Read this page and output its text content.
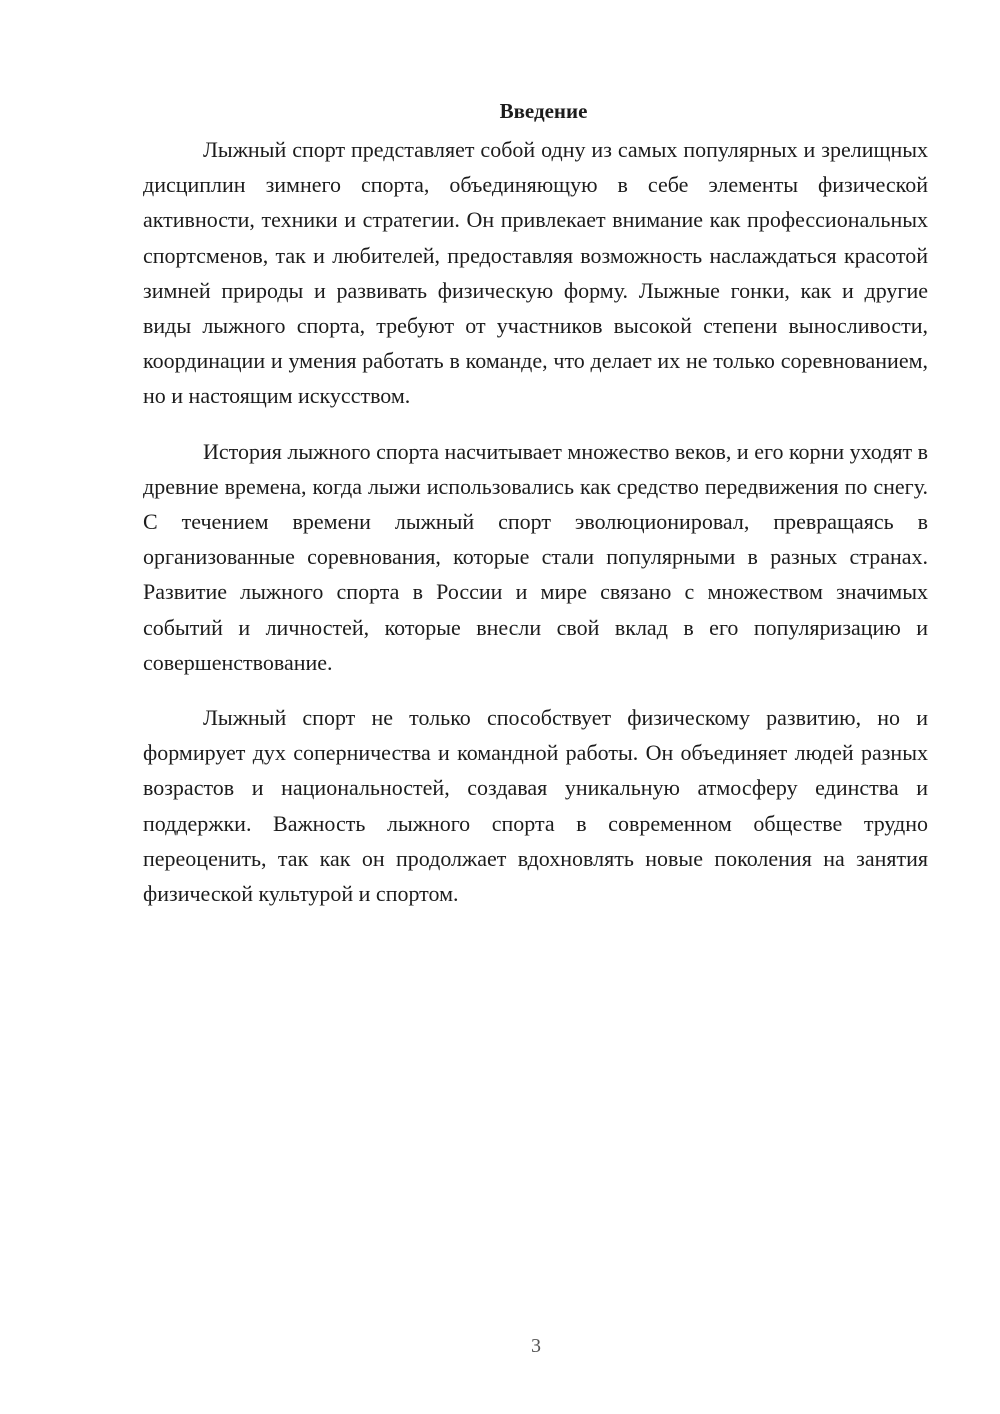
Введение

Лыжный спорт представляет собой одну из самых популярных и зрелищных дисциплин зимнего спорта, объединяющую в себе элементы физической активности, техники и стратегии. Он привлекает внимание как профессиональных спортсменов, так и любителей, предоставляя возможность наслаждаться красотой зимней природы и развивать физическую форму. Лыжные гонки, как и другие виды лыжного спорта, требуют от участников высокой степени выносливости, координации и умения работать в команде, что делает их не только соревнованием, но и настоящим искусством.

История лыжного спорта насчитывает множество веков, и его корни уходят в древние времена, когда лыжи использовались как средство передвижения по снегу. С течением времени лыжный спорт эволюционировал, превращаясь в организованные соревнования, которые стали популярными в разных странах. Развитие лыжного спорта в России и мире связано с множеством значимых событий и личностей, которые внесли свой вклад в его популяризацию и совершенствование.

Лыжный спорт не только способствует физическому развитию, но и формирует дух соперничества и командной работы. Он объединяет людей разных возрастов и национальностей, создавая уникальную атмосферу единства и поддержки. Важность лыжного спорта в современном обществе трудно переоценить, так как он продолжает вдохновлять новые поколения на занятия физической культурой и спортом.

3
